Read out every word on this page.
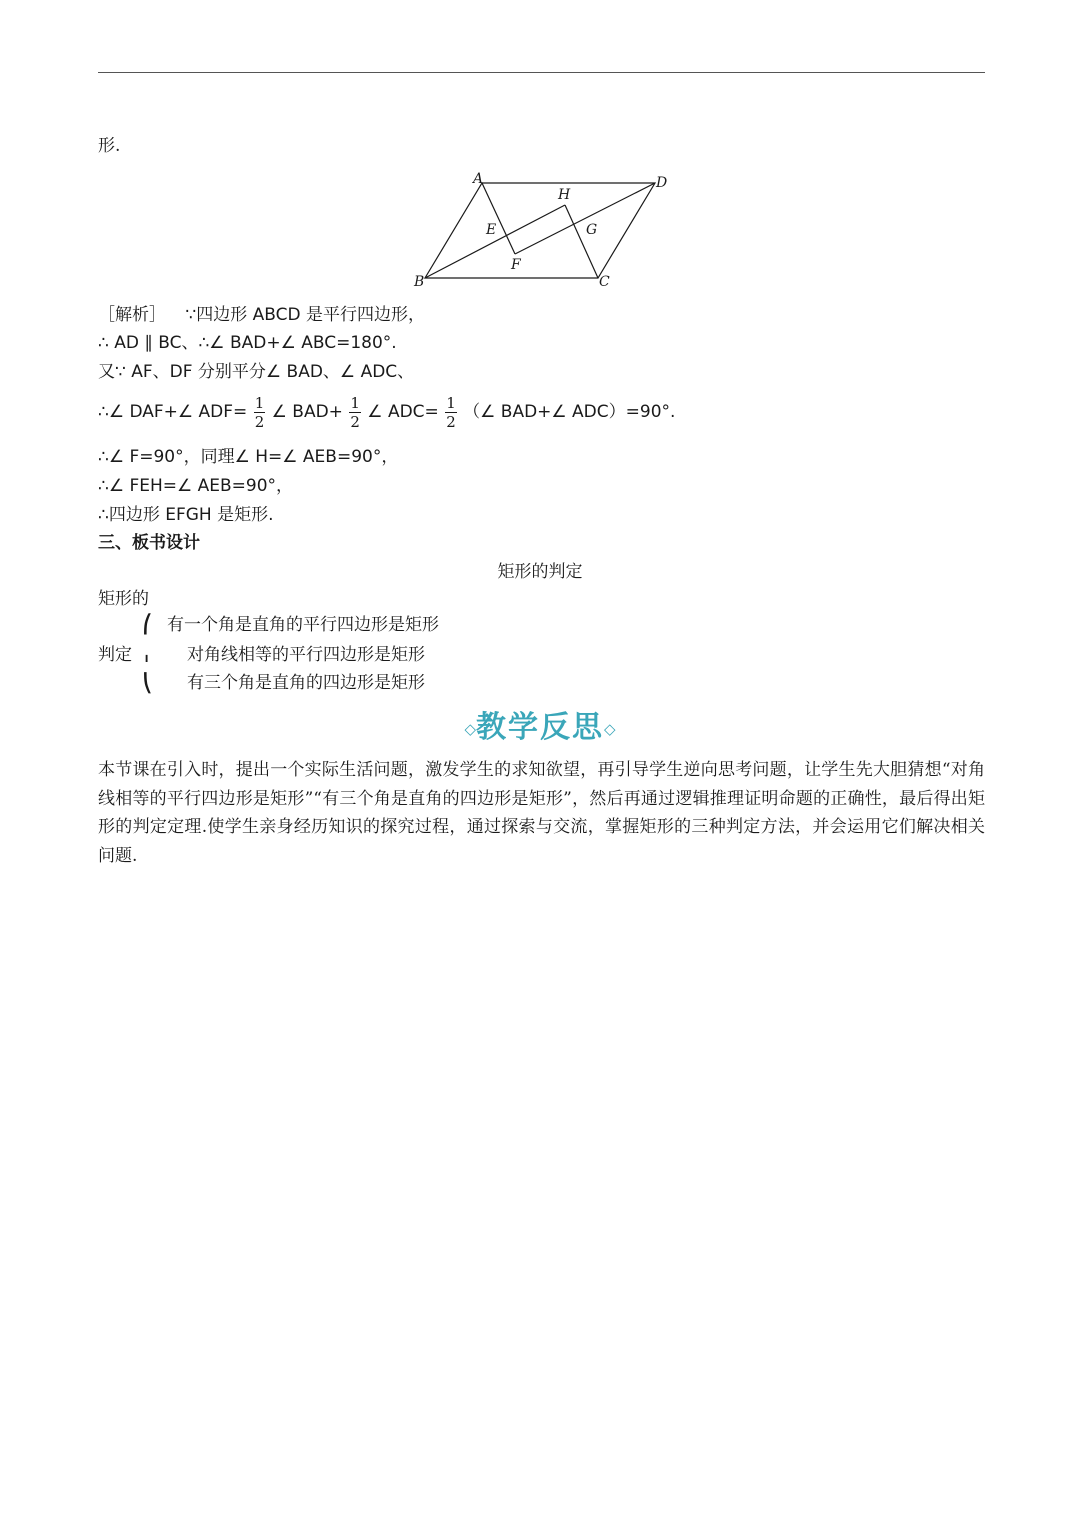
形.
A
B	C
D
E
F
G
H
［解析］ ∵四边形 ABCD 是平行四边形，
∴ AD ∥ BC、∴∠ BAD+∠ ABC=180°.
又∵ AF、DF 分别平分∠ BAD、∠ ADC、
∴∠ DAF+∠ $ADF= \frac{1}{2}$ ∠ $BAD+ \frac{1}{2}$ ∠ $ADC= \frac{1}{2}$ （∠ BAD+∠ ADC）=90°.
∴∠ F=90°，同理∠ H=∠ AEB=90°，
∴∠ FEH=∠ AEB=90°，
∴四边形 EFGH 是矩形.
三、板书设计
矩形的判定
矩形的
判定
⎛
╻
⎝
有一个角是直角的平行四边形是矩形
对角线相等的平行四边形是矩形
有三个角是直角的四边形是矩形
◇教学反思◇
本节课在引入时，提出一个实际生活问题，激发学生的求知欲望，再引导学生逆向思考问题，让学生先大胆猜想“对角线相等的平行四边形是矩形”“有三个角是直角的四边形是矩形”，然后再通过逻辑推理证明命题的正确性，最后得出矩形的判定定理.使学生亲身经历知识的探究过程，通过探索与交流，掌握矩形的三种判定方法，并会运用它们解决相关问题.
